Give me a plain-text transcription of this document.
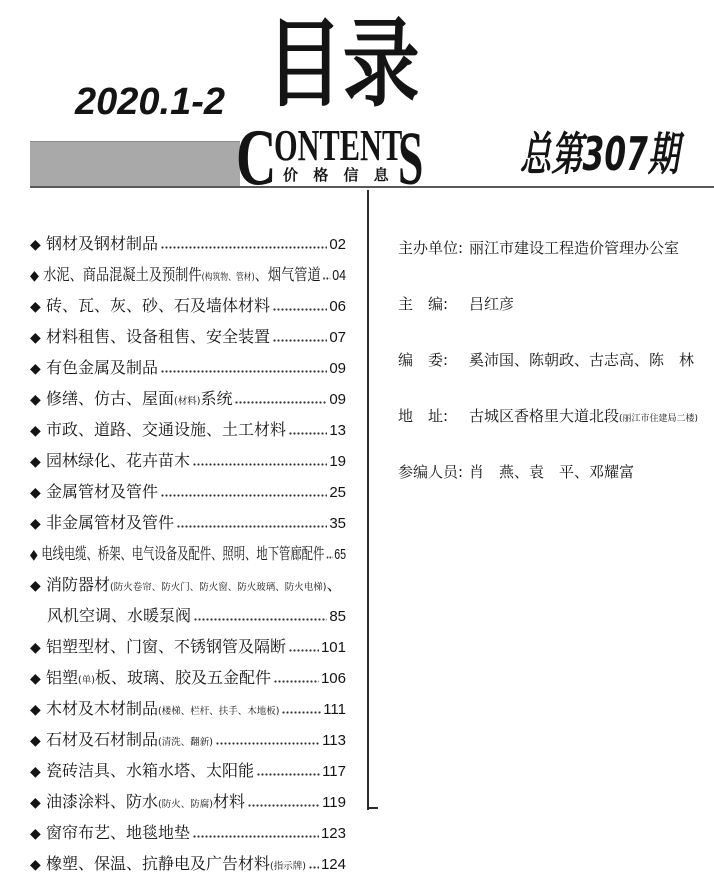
2020.1-2 目录
C
ONTENT
S
价 格 信 息	总第307期
◆ 钢材及钢材制品	02
◆ 水泥、商品混凝土及预制件(构筑物、管材)、烟气管道 04
◆ 砖、瓦、灰、砂、石及墙体材料	06
◆ 材料租售、设备租售、安全装置	07
◆ 有色金属及制品	09
◆ 修缮、仿古、屋面(材料)系统	09
◆ 市政、道路、交通设施、土工材料	13
◆ 园林绿化、花卉苗木	19
◆ 金属管材及管件	25
◆ 非金属管材及管件	35
◆ 电线电缆、桥架、电气设备及配件、照明、地下管廊配件 65
◆ 消防器材(防火卷帘、防火门、防火窗、防火玻璃、防火电梯)、
风机空调、水暖泵阀	85
◆ 铝塑型材、门窗、不锈钢管及隔断 101
◆ 铝塑(单)板、玻璃、胶及五金配件	106
◆ 木材及木材制品(楼梯、栏杆、扶手、木地板)	111
◆ 石材及石材制品(清洗、翻新)	113
◆ 瓷砖洁具、水箱水塔、太阳能	117
◆ 油漆涂料、防水(防火、防腐)材料	119
◆ 窗帘布艺、地毯地垫	123
◆ 橡塑、保温、抗静电及广告材料(指示牌) 124
主办单位: 丽江市建设工程造价管理办公室
主　编: 吕红彦
编　委: 奚沛国、陈朝政、古志高、陈　林
地　址: 古城区香格里大道北段(丽江市住建局二楼)
参编人员: 肖　燕、袁　平、邓耀富
